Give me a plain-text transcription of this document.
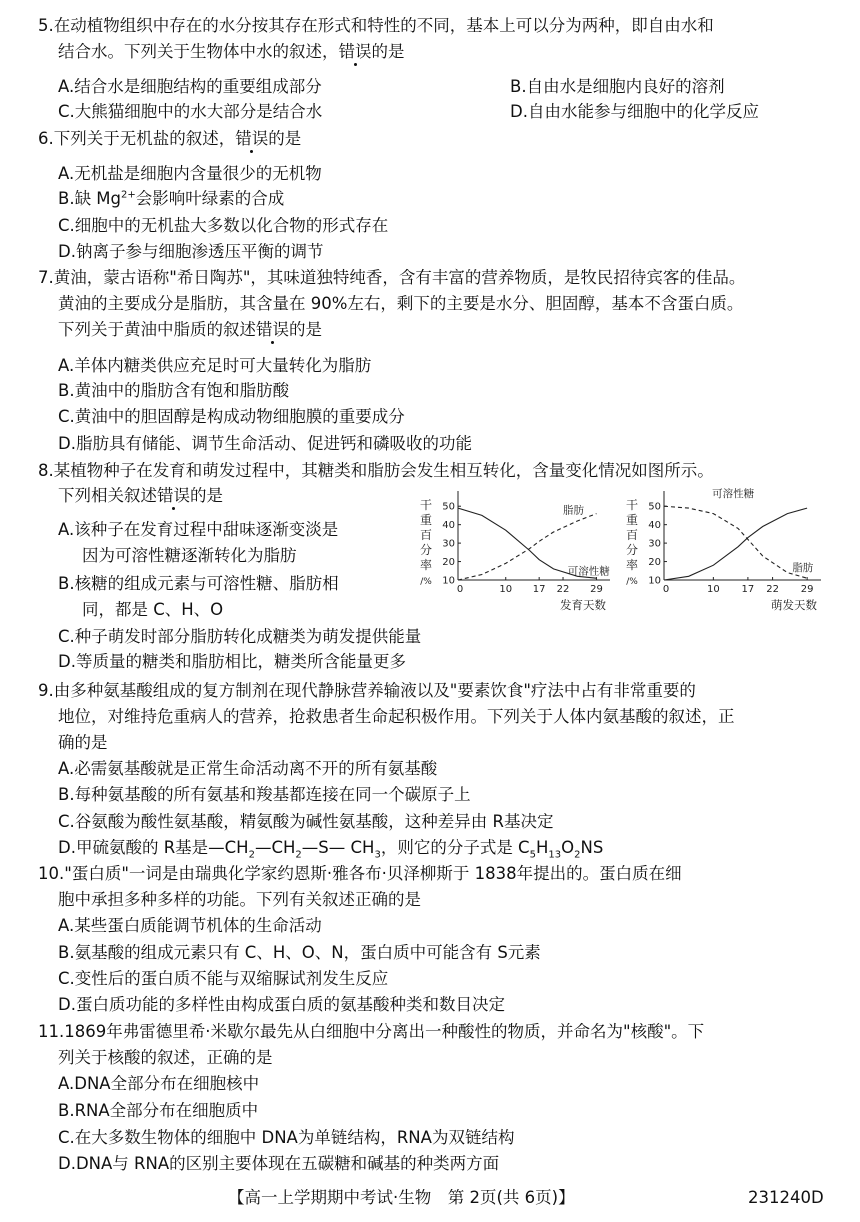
5.在动植物组织中存在的水分按其存在形式和特性的不同，基本上可以分为两种，即自由水和
结合水。下列关于生物体中水的叙述，错误的是
A.结合水是细胞结构的重要组成部分	B.自由水是细胞内良好的溶剂
C.大熊猫细胞中的水大部分是结合水	D.自由水能参与细胞中的化学反应
6.下列关于无机盐的叙述，错误的是
A.无机盐是细胞内含量很少的无机物
B.缺 $Mg^{2+}$会影响叶绿素的合成
C.细胞中的无机盐大多数以化合物的形式存在
D.钠离子参与细胞渗透压平衡的调节
7.黄油，蒙古语称"希日陶苏"，其味道独特纯香，含有丰富的营养物质，是牧民招待宾客的佳品。
黄油的主要成分是脂肪，其含量在 90%左右，剩下的主要是水分、胆固醇，基本不含蛋白质。
下列关于黄油中脂质的叙述错误的是
A.羊体内糖类供应充足时可大量转化为脂肪
B.黄油中的脂肪含有饱和脂肪酸
C.黄油中的胆固醇是构成动物细胞膜的重要成分
D.脂肪具有储能、调节生命活动、促进钙和磷吸收的功能
8.某植物种子在发育和萌发过程中，其糖类和脂肪会发生相互转化，含量变化情况如图所示。
下列相关叙述错误的是
A.该种子在发育过程中甜味逐渐变淡是
因为可溶性糖逐渐转化为脂肪
B.核糖的组成元素与可溶性糖、脂肪相
同，都是 C、H、O
干
重
百
分
率
/% 10
20
30
40
50
0	10 17 22 29
发育天数
脂肪
可溶性糖
干
重
百
分
率
/% 10
20
30
40
50
0	10 17 22 29
萌发天数
可溶性糖
脂肪
C.种子萌发时部分脂肪转化成糖类为萌发提供能量
D.等质量的糖类和脂肪相比，糖类所含能量更多
9.由多种氨基酸组成的复方制剂在现代静脉营养输液以及"要素饮食"疗法中占有非常重要的
地位，对维持危重病人的营养，抢救患者生命起积极作用。下列关于人体内氨基酸的叙述，正
确的是
A.必需氨基酸就是正常生命活动离不开的所有氨基酸
B.每种氨基酸的所有氨基和羧基都连接在同一个碳原子上
C.谷氨酸为酸性氨基酸，精氨酸为碱性氨基酸，这种差异由 R基决定
D.甲硫氨酸的 R基是$—CH_2—CH_2—S—$ $CH_3$，则它的分子式是 $C_5H_{13}O_2NS$
10."蛋白质"一词是由瑞典化学家约恩斯·雅各布·贝泽柳斯于 1838年提出的。蛋白质在细
胞中承担多种多样的功能。下列有关叙述正确的是
A.某些蛋白质能调节机体的生命活动
B.氨基酸的组成元素只有 C、H、O、N，蛋白质中可能含有 S元素
C.变性后的蛋白质不能与双缩脲试剂发生反应
D.蛋白质功能的多样性由构成蛋白质的氨基酸种类和数目决定
11.1869年弗雷德里希·米歇尔最先从白细胞中分离出一种酸性的物质，并命名为"核酸"。下
列关于核酸的叙述，正确的是
A.DNA全部分布在细胞核中
B.RNA全部分布在细胞质中
C.在大多数生物体的细胞中 DNA为单链结构，RNA为双链结构
D.DNA与 RNA的区别主要体现在五碳糖和碱基的种类两方面
【高一上学期期中考试·生物　第 2页(共 6页)】	231240D
